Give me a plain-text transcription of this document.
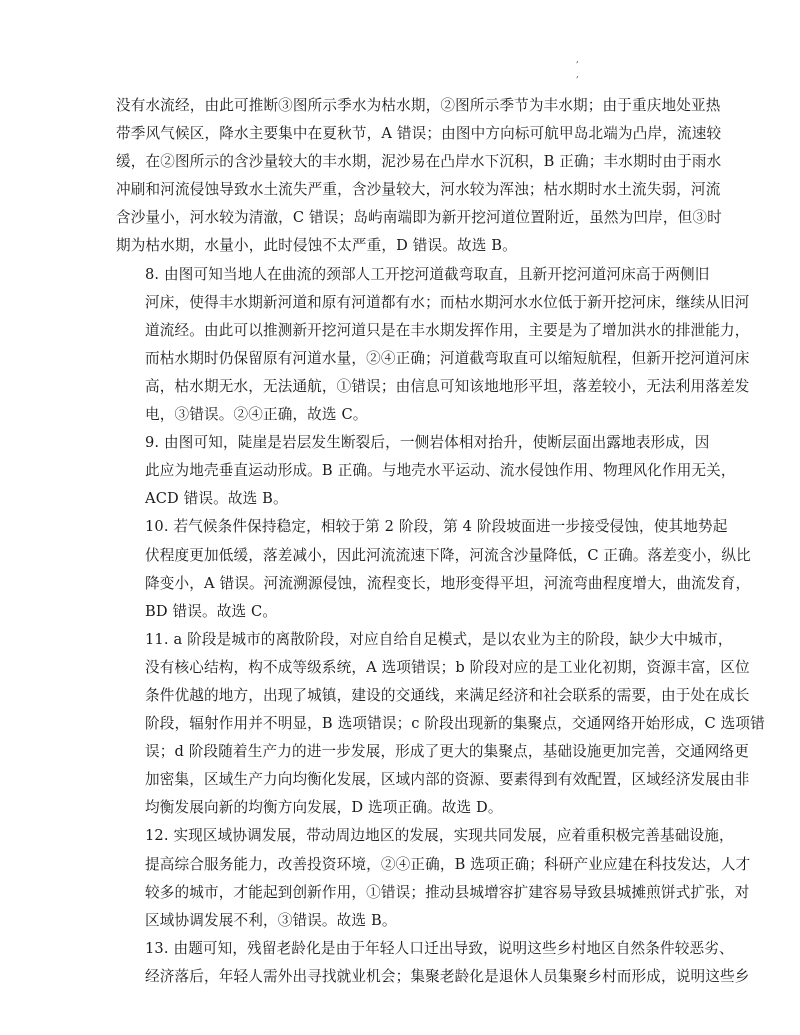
,
,

没有水流经，由此可推断③图所示季水为枯水期，②图所示季节为丰水期；由于重庆地处亚热
带季风气候区，降水主要集中在夏秋节，A 错误；由图中方向标可航甲岛北端为凸岸，流速较
缓，在②图所示的含沙量较大的丰水期，泥沙易在凸岸水下沉积，B 正确；丰水期时由于雨水
冲刷和河流侵蚀导致水土流失严重，含沙量较大，河水较为浑浊；枯水期时水土流失弱，河流
含沙量小，河水较为清澈，C 错误；岛屿南端即为新开挖河道位置附近，虽然为凹岸，但③时
期为枯水期，水量小，此时侵蚀不太严重，D 错误。故选 B。

8. 由图可知当地人在曲流的颈部人工开挖河道截弯取直，且新开挖河道河床高于两侧旧
河床，使得丰水期新河道和原有河道都有水；而枯水期河水水位低于新开挖河床，继续从旧河
道流经。由此可以推测新开挖河道只是在丰水期发挥作用，主要是为了增加洪水的排泄能力，
而枯水期时仍保留原有河道水量，②④正确；河道截弯取直可以缩短航程，但新开挖河道河床
高，枯水期无水，无法通航，①错误；由信息可知该地地形平坦，落差较小，无法利用落差发
电，③错误。②④正确，故选 C。

9. 由图可知，陡崖是岩层发生断裂后，一侧岩体相对抬升，使断层面出露地表形成，因
此应为地壳垂直运动形成。B 正确。与地壳水平运动、流水侵蚀作用、物理风化作用无关，
ACD 错误。故选 B。

10. 若气候条件保持稳定，相较于第 2 阶段，第 4 阶段坡面进一步接受侵蚀，使其地势起
伏程度更加低缓，落差减小，因此河流流速下降，河流含沙量降低，C 正确。落差变小，纵比
降变小，A 错误。河流溯源侵蚀，流程变长，地形变得平坦，河流弯曲程度增大，曲流发育，
BD 错误。故选 C。

11. a 阶段是城市的离散阶段，对应自给自足模式，是以农业为主的阶段，缺少大中城市，
没有核心结构，构不成等级系统，A 选项错误；b 阶段对应的是工业化初期，资源丰富，区位
条件优越的地方，出现了城镇，建设的交通线，来满足经济和社会联系的需要，由于处在成长
阶段，辐射作用并不明显，B 选项错误；c 阶段出现新的集聚点，交通网络开始形成，C 选项错
误；d 阶段随着生产力的进一步发展，形成了更大的集聚点，基础设施更加完善，交通网络更
加密集，区域生产力向均衡化发展，区域内部的资源、要素得到有效配置，区域经济发展由非
均衡发展向新的均衡方向发展，D 选项正确。故选 D。

12. 实现区域协调发展，带动周边地区的发展，实现共同发展，应着重积极完善基础设施，
提高综合服务能力，改善投资环境，②④正确，B 选项正确；科研产业应建在科技发达，人才
较多的城市，才能起到创新作用，①错误；推动县城增容扩建容易导致县城摊煎饼式扩张，对
区域协调发展不利，③错误。故选 B。

13. 由题可知，残留老龄化是由于年轻人口迁出导致，说明这些乡村地区自然条件较恶劣、
经济落后，年轻人需外出寻找就业机会；集聚老龄化是退休人员集聚乡村而形成，说明这些乡
